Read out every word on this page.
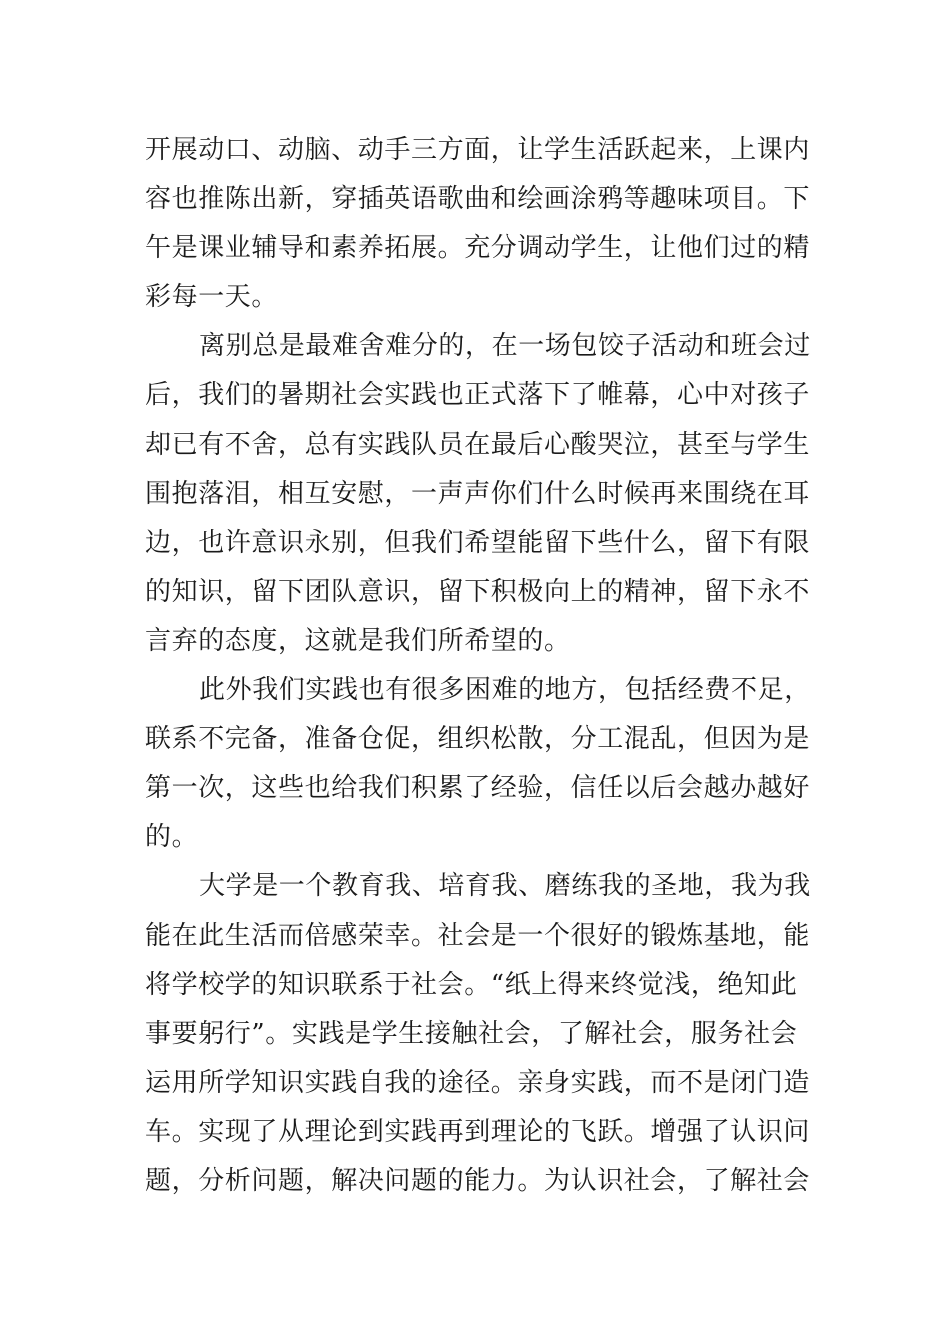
开展动口、动脑、动手三方面，让学生活跃起来，上课内
容也推陈出新，穿插英语歌曲和绘画涂鸦等趣味项目。下
午是课业辅导和素养拓展。充分调动学生，让他们过的精
彩每一天。
离别总是最难舍难分的，在一场包饺子活动和班会过
后，我们的暑期社会实践也正式落下了帷幕，心中对孩子
却已有不舍，总有实践队员在最后心酸哭泣，甚至与学生
围抱落泪，相互安慰，一声声你们什么时候再来围绕在耳
边，也许意识永别，但我们希望能留下些什么，留下有限
的知识，留下团队意识，留下积极向上的精神，留下永不
言弃的态度，这就是我们所希望的。
此外我们实践也有很多困难的地方，包括经费不足，
联系不完备，准备仓促，组织松散，分工混乱，但因为是
第一次，这些也给我们积累了经验，信任以后会越办越好
的。
大学是一个教育我、培育我、磨练我的圣地，我为我
能在此生活而倍感荣幸。社会是一个很好的锻炼基地，能
将学校学的知识联系于社会。“纸上得来终觉浅，绝知此
事要躬行”。实践是学生接触社会，了解社会，服务社会
运用所学知识实践自我的途径。亲身实践，而不是闭门造
车。实现了从理论到实践再到理论的飞跃。增强了认识问
题，分析问题，解决问题的能力。为认识社会，了解社会
